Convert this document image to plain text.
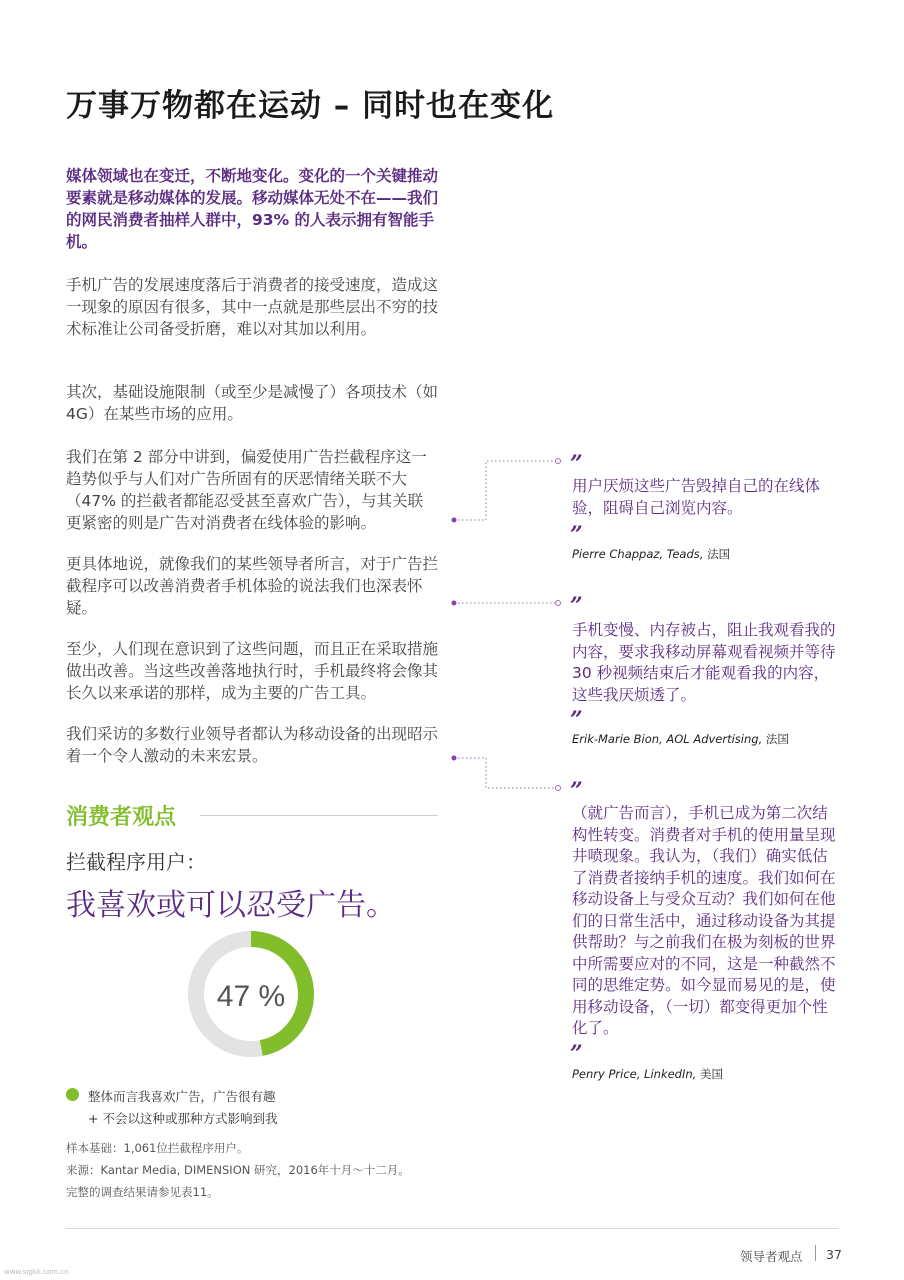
万事万物都在运动 – 同时也在变化
媒体领域也在变迁，不断地变化。变化的一个关键推动要素就是移动媒体的发展。移动媒体无处不在——我们的网民消费者抽样人群中，93% 的人表示拥有智能手机。
手机广告的发展速度落后于消费者的接受速度，造成这一现象的原因有很多，其中一点就是那些层出不穷的技术标准让公司备受折磨，难以对其加以利用。
其次，基础设施限制（或至少是减慢了）各项技术（如 4G）在某些市场的应用。
我们在第 2 部分中讲到，偏爱使用广告拦截程序这一趋势似乎与人们对广告所固有的厌恶情绪关联不大（47% 的拦截者都能忍受甚至喜欢广告），与其关联更紧密的则是广告对消费者在线体验的影响。
更具体地说，就像我们的某些领导者所言，对于广告拦截程序可以改善消费者手机体验的说法我们也深表怀疑。
至少，人们现在意识到了这些问题，而且正在采取措施做出改善。当这些改善落地执行时，手机最终将会像其长久以来承诺的那样，成为主要的广告工具。
我们采访的多数行业领导者都认为移动设备的出现昭示着一个令人激动的未来宏景。
”
用户厌烦这些广告毁掉自己的在线体验，阻碍自己浏览内容。
”
Pierre Chappaz, Teads, 法国
”
手机变慢、内存被占，阻止我观看我的内容，要求我移动屏幕观看视频并等待 30 秒视频结束后才能观看我的内容，这些我厌烦透了。
”
Erik-Marie Bion, AOL Advertising, 法国
”
（就广告而言），手机已成为第二次结构性转变。消费者对手机的使用量呈现井喷现象。我认为，（我们）确实低估了消费者接纳手机的速度。我们如何在移动设备上与受众互动？我们如何在他们的日常生活中，通过移动设备为其提供帮助？与之前我们在极为刻板的世界中所需要应对的不同，这是一种截然不同的思维定势。如今显而易见的是，使用移动设备，（一切）都变得更加个性化了。
”
Penry Price, LinkedIn, 美国
消费者观点
拦截程序用户：
我喜欢或可以忍受广告。
47 %
整体而言我喜欢广告，广告很有趣
+ 不会以这种或那种方式影响到我
样本基础：1,061位拦截程序用户。
来源：Kantar Media, DIMENSION 研究，2016年十月～十二月。
完整的调查结果请参见表11。
领导者观点 37
www.sqjkk.com.cn
